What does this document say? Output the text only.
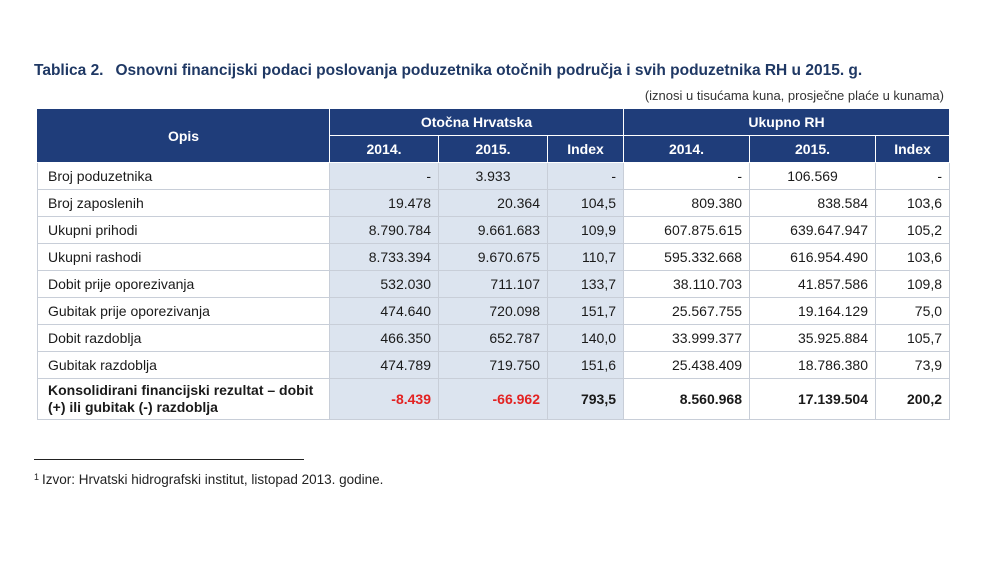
Tablica 2. Osnovni financijski podaci poslovanja poduzetnika otočnih područja i svih poduzetnika RH u 2015. g.
(iznosi u tisućama kuna, prosječne plaće u kunama)
Opis	Otočna Hrvatska			Ukupno RH		
	2014.	2015.	Index	2014.	2015.	Index
Broj poduzetnika	-	3.933	-	-	106.569	-
Broj zaposlenih	19.478	20.364	104,5	809.380	838.584	103,6
Ukupni prihodi	8.790.784	9.661.683	109,9	607.875.615	639.647.947	105,2
Ukupni rashodi	8.733.394	9.670.675	110,7	595.332.668	616.954.490	103,6
Dobit prije oporezivanja	532.030	711.107	133,7	38.110.703	41.857.586	109,8
Gubitak prije oporezivanja	474.640	720.098	151,7	25.567.755	19.164.129	75,0
Dobit razdoblja	466.350	652.787	140,0	33.999.377	35.925.884	105,7
Gubitak razdoblja	474.789	719.750	151,6	25.438.409	18.786.380	73,9
Konsolidirani financijski rezultat – dobit (+) ili gubitak (-) razdoblja	-8.439	-66.962	793,5	8.560.968	17.139.504	200,2
$^1$ Izvor: Hrvatski hidrografski institut, listopad 2013. godine.
